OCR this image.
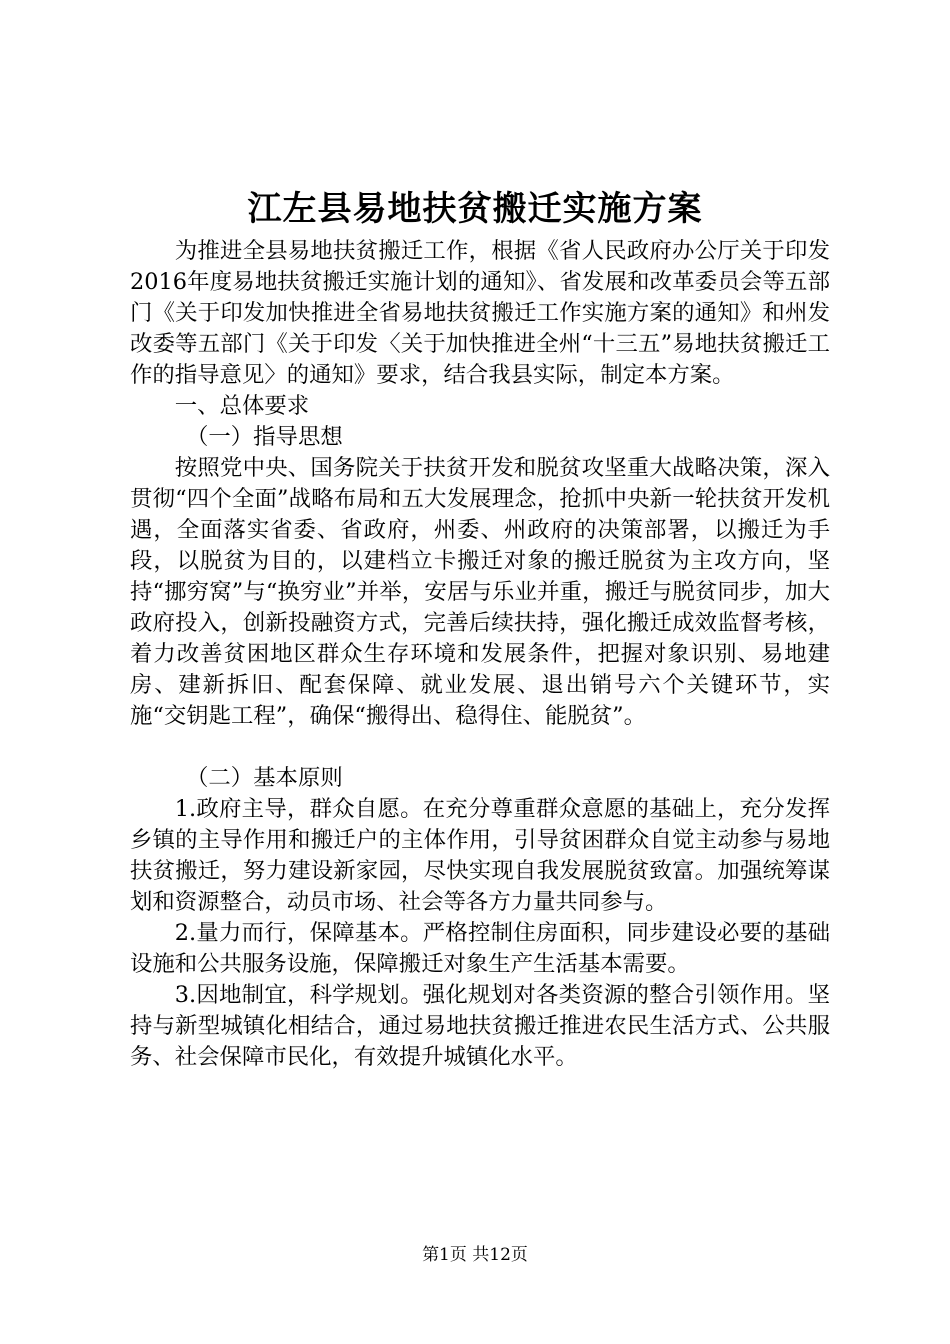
江左县易地扶贫搬迁实施方案

为推进全县易地扶贫搬迁工作，根据《省人民政府办公厅关于印发2016年度易地扶贫搬迁实施计划的通知》、省发展和改革委员会等五部门《关于印发加快推进全省易地扶贫搬迁工作实施方案的通知》和州发改委等五部门《关于印发〈关于加快推进全州“十三五”易地扶贫搬迁工作的指导意见〉的通知》要求，结合我县实际，制定本方案。

一、总体要求

（一）指导思想

按照党中央、国务院关于扶贫开发和脱贫攻坚重大战略决策，深入贯彻“四个全面”战略布局和五大发展理念，抢抓中央新一轮扶贫开发机遇，全面落实省委、省政府，州委、州政府的决策部署，以搬迁为手段，以脱贫为目的，以建档立卡搬迁对象的搬迁脱贫为主攻方向，坚持“挪穷窝”与“换穷业”并举，安居与乐业并重，搬迁与脱贫同步，加大政府投入，创新投融资方式，完善后续扶持，强化搬迁成效监督考核，着力改善贫困地区群众生存环境和发展条件，把握对象识别、易地建房、建新拆旧、配套保障、就业发展、退出销号六个关键环节，实施“交钥匙工程”，确保“搬得出、稳得住、能脱贫”。

（二）基本原则

1.政府主导，群众自愿。在充分尊重群众意愿的基础上，充分发挥乡镇的主导作用和搬迁户的主体作用，引导贫困群众自觉主动参与易地扶贫搬迁，努力建设新家园，尽快实现自我发展脱贫致富。加强统筹谋划和资源整合，动员市场、社会等各方力量共同参与。

2.量力而行，保障基本。严格控制住房面积，同步建设必要的基础设施和公共服务设施，保障搬迁对象生产生活基本需要。

3.因地制宜，科学规划。强化规划对各类资源的整合引领作用。坚持与新型城镇化相结合，通过易地扶贫搬迁推进农民生活方式、公共服务、社会保障市民化，有效提升城镇化水平。

第1页 共12页
